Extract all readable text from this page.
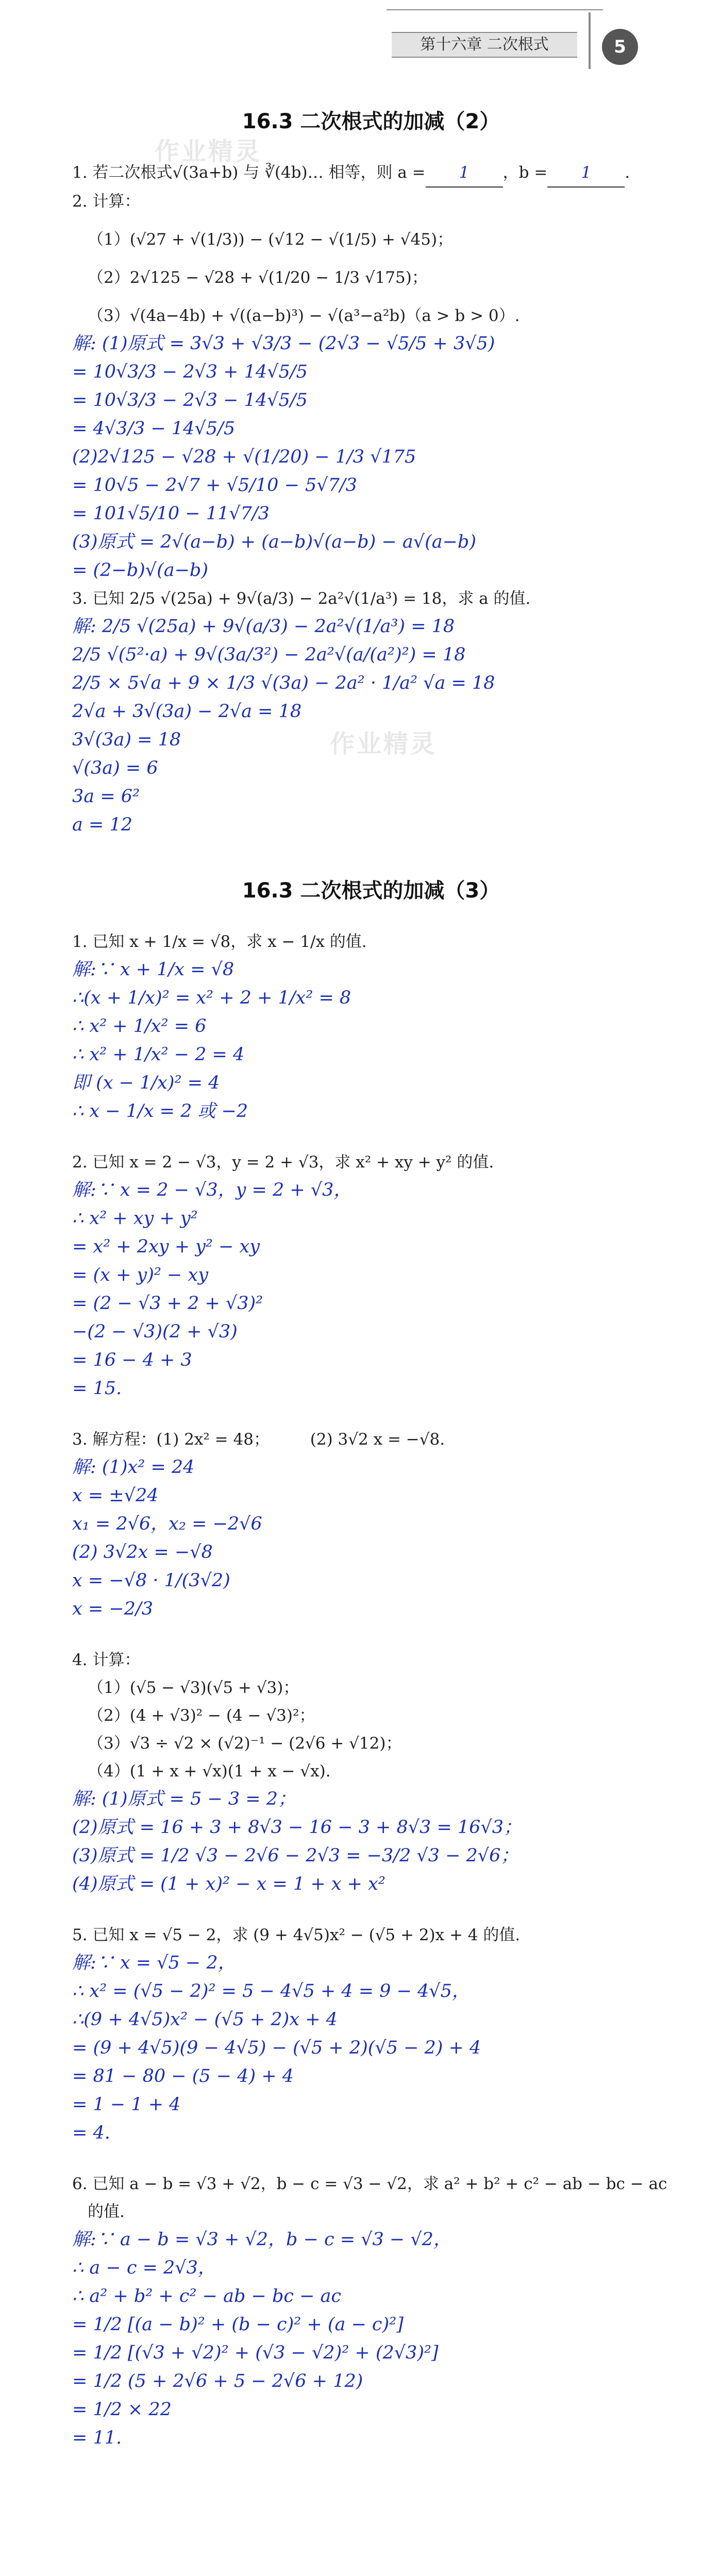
第十六章 二次根式	5
作业精灵
作业精灵
16.3 二次根式的加减（2）
1. 若二次根式√(3a+b) 与 ∛(4b)… 相等，则 a = 1 ，b = 1 .
2. 计算：
（1）(√27 + √(1/3)) − (√12 − √(1/5) + √45)；
（2）2√125 − √28 + √(1/20 − 1/3 √175)；
（3）√(4a−4b) + √((a−b)³) − √(a³−a²b)（a > b > 0）.
解: (1)原式 = 3√3 + √3/3 − (2√3 − √5/5 + 3√5)
= 10√3/3 − 2√3 + 14√5/5
= 10√3/3 − 2√3 − 14√5/5
= 4√3/3 − 14√5/5
(2)2√125 − √28 + √(1/20) − 1/3 √175
= 10√5 − 2√7 + √5/10 − 5√7/3
= 101√5/10 − 11√7/3
(3)原式 = 2√(a−b) + (a−b)√(a−b) − a√(a−b)
= (2−b)√(a−b)
3. 已知 2/5 √(25a) + 9√(a/3) − 2a²√(1/a³) = 18，求 a 的值.
解: 2/5 √(25a) + 9√(a/3) − 2a²√(1/a³) = 18
2/5 √(5²·a) + 9√(3a/3²) − 2a²√(a/(a²)²) = 18
2/5 × 5√a + 9 × 1/3 √(3a) − 2a² · 1/a² √a = 18
2√a + 3√(3a) − 2√a = 18
3√(3a) = 18
√(3a) = 6
3a = 6²
a = 12
16.3 二次根式的加减（3）
1. 已知 x + 1/x = √8，求 x − 1/x 的值.
解:∵ x + 1/x = √8
∴(x + 1/x)² = x² + 2 + 1/x² = 8
∴ x² + 1/x² = 6
∴ x² + 1/x² − 2 = 4
即 (x − 1/x)² = 4
∴ x − 1/x = 2 或 −2
2. 已知 x = 2 − √3，y = 2 + √3，求 x² + xy + y² 的值.
解:∵ x = 2 − √3，y = 2 + √3，
∴ x² + xy + y²
= x² + 2xy + y² − xy
= (x + y)² − xy
= (2 − √3 + 2 + √3)²
−(2 − √3)(2 + √3)
= 16 − 4 + 3
= 15.
3. 解方程：(1) 2x² = 48；        (2) 3√2 x = −√8.
解: (1)x² = 24
x = ±√24
x₁ = 2√6，x₂ = −2√6
(2) 3√2x = −√8
x = −√8 · 1/(3√2)
x = −2/3
4. 计算：
（1）(√5 − √3)(√5 + √3)；
（2）(4 + √3)² − (4 − √3)²；
（3）√3 ÷ √2 × (√2)⁻¹ − (2√6 + √12)；
（4）(1 + x + √x)(1 + x − √x).
解: (1)原式 = 5 − 3 = 2；
(2)原式 = 16 + 3 + 8√3 − 16 − 3 + 8√3 = 16√3；
(3)原式 = 1/2 √3 − 2√6 − 2√3 = −3/2 √3 − 2√6；
(4)原式 = (1 + x)² − x = 1 + x + x²
5. 已知 x = √5 − 2，求 (9 + 4√5)x² − (√5 + 2)x + 4 的值.
解:∵ x = √5 − 2，
∴ x² = (√5 − 2)² = 5 − 4√5 + 4 = 9 − 4√5，
∴(9 + 4√5)x² − (√5 + 2)x + 4
= (9 + 4√5)(9 − 4√5) − (√5 + 2)(√5 − 2) + 4
= 81 − 80 − (5 − 4) + 4
= 1 − 1 + 4
= 4.
6. 已知 a − b = √3 + √2，b − c = √3 − √2，求 a² + b² + c² − ab − bc − ac
的值.
解:∵ a − b = √3 + √2，b − c = √3 − √2，
∴ a − c = 2√3，
∴ a² + b² + c² − ab − bc − ac
= 1/2 [(a − b)² + (b − c)² + (a − c)²]
= 1/2 [(√3 + √2)² + (√3 − √2)² + (2√3)²]
= 1/2 (5 + 2√6 + 5 − 2√6 + 12)
= 1/2 × 22
= 11.
